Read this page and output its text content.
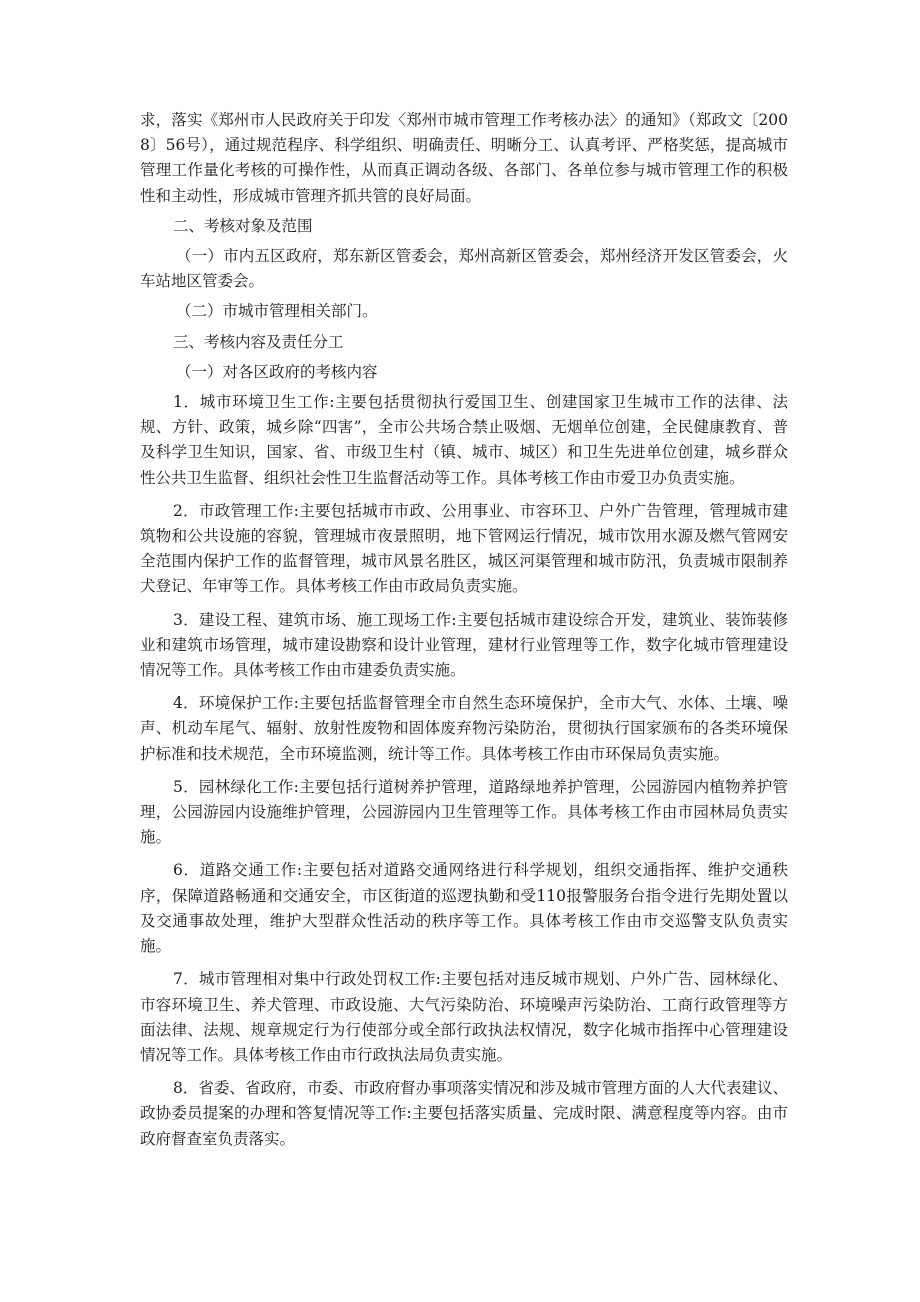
求，落实《郑州市人民政府关于印发〈郑州市城市管理工作考核办法〉的通知》（郑政文〔2008〕56号），通过规范程序、科学组织、明确责任、明晰分工、认真考评、严格奖惩，提高城市管理工作量化考核的可操作性，从而真正调动各级、各部门、各单位参与城市管理工作的积极性和主动性，形成城市管理齐抓共管的良好局面。

二、考核对象及范围

（一）市内五区政府，郑东新区管委会，郑州高新区管委会，郑州经济开发区管委会，火车站地区管委会。

（二）市城市管理相关部门。

三、考核内容及责任分工

（一）对各区政府的考核内容

1．城市环境卫生工作:主要包括贯彻执行爱国卫生、创建国家卫生城市工作的法律、法规、方针、政策，城乡除“四害”，全市公共场合禁止吸烟、无烟单位创建，全民健康教育、普及科学卫生知识，国家、省、市级卫生村（镇、城市、城区）和卫生先进单位创建，城乡群众性公共卫生监督、组织社会性卫生监督活动等工作。具体考核工作由市爱卫办负责实施。

2．市政管理工作:主要包括城市市政、公用事业、市容环卫、户外广告管理，管理城市建筑物和公共设施的容貌，管理城市夜景照明，地下管网运行情况，城市饮用水源及燃气管网安全范围内保护工作的监督管理，城市风景名胜区，城区河渠管理和城市防汛，负责城市限制养犬登记、年审等工作。具体考核工作由市政局负责实施。

3．建设工程、建筑市场、施工现场工作:主要包括城市建设综合开发，建筑业、装饰装修业和建筑市场管理，城市建设勘察和设计业管理，建材行业管理等工作，数字化城市管理建设情况等工作。具体考核工作由市建委负责实施。

4．环境保护工作:主要包括监督管理全市自然生态环境保护，全市大气、水体、土壤、噪声、机动车尾气、辐射、放射性废物和固体废弃物污染防治，贯彻执行国家颁布的各类环境保护标准和技术规范，全市环境监测，统计等工作。具体考核工作由市环保局负责实施。

5．园林绿化工作:主要包括行道树养护管理，道路绿地养护管理，公园游园内植物养护管理，公园游园内设施维护管理，公园游园内卫生管理等工作。具体考核工作由市园林局负责实施。

6．道路交通工作:主要包括对道路交通网络进行科学规划，组织交通指挥、维护交通秩序，保障道路畅通和交通安全，市区街道的巡逻执勤和受110报警服务台指令进行先期处置以及交通事故处理，维护大型群众性活动的秩序等工作。具体考核工作由市交巡警支队负责实施。

7．城市管理相对集中行政处罚权工作:主要包括对违反城市规划、户外广告、园林绿化、市容环境卫生、养犬管理、市政设施、大气污染防治、环境噪声污染防治、工商行政管理等方面法律、法规、规章规定行为行使部分或全部行政执法权情况，数字化城市指挥中心管理建设情况等工作。具体考核工作由市行政执法局负责实施。

8．省委、省政府，市委、市政府督办事项落实情况和涉及城市管理方面的人大代表建议、政协委员提案的办理和答复情况等工作:主要包括落实质量、完成时限、满意程度等内容。由市政府督查室负责落实。
